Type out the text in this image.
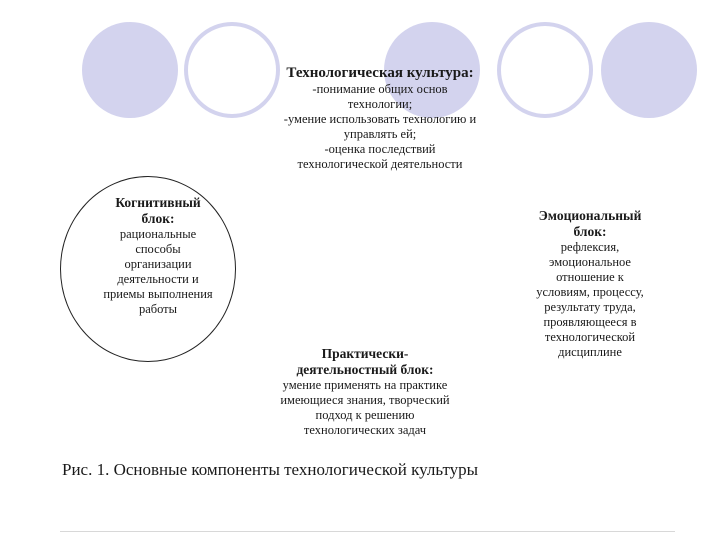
Технологическая культура:
-понимание общих основ
технологии;
-умение использовать технологию и
управлять ей;
-оценка последствий
технологической деятельности
Когнитивный блок:
рациональные
способы
организации
деятельности и
приемы выполнения
работы
Эмоциональный блок:
рефлексия,
эмоциональное
отношение к
условиям, процессу,
результату труда,
проявляющееся в
технологической
дисциплине
Практически-деятельностный блок:
умение применять на практике
имеющиеся знания, творческий
подход к решению
технологических задач
Рис. 1. Основные компоненты технологической культуры
